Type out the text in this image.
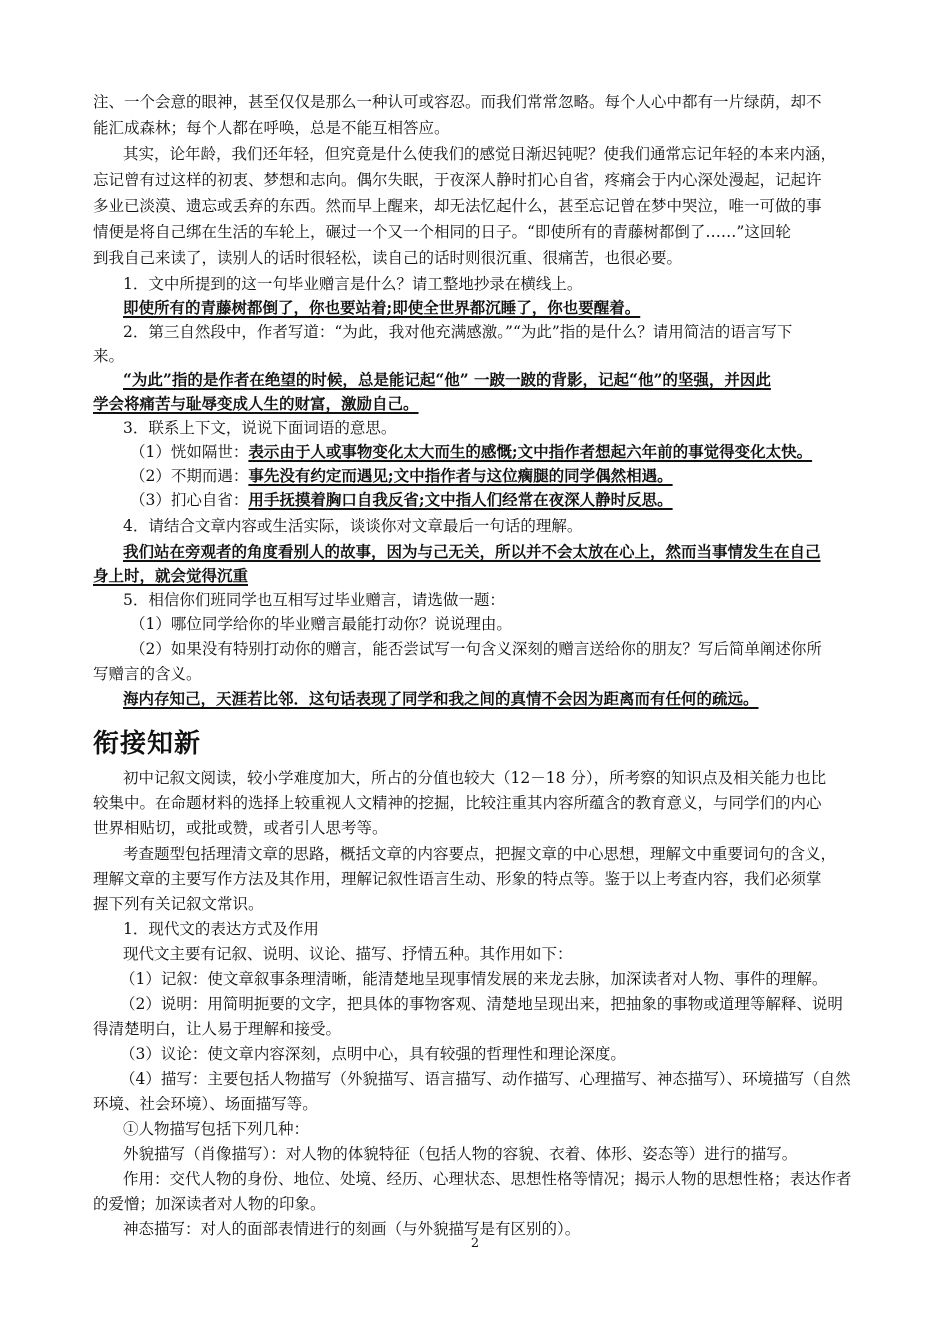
注、一个会意的眼神，甚至仅仅是那么一种认可或容忍。而我们常常忽略。每个人心中都有一片绿荫，却不
能汇成森林；每个人都在呼唤，总是不能互相答应。
其实，论年龄，我们还年轻，但究竟是什么使我们的感觉日渐迟钝呢？使我们通常忘记年轻的本来内涵，
忘记曾有过这样的初衷、梦想和志向。偶尔失眠，于夜深人静时扪心自省，疼痛会于内心深处漫起，记起许
多业已淡漠、遗忘或丢弃的东西。然而早上醒来，却无法忆起什么，甚至忘记曾在梦中哭泣，唯一可做的事
情便是将自己绑在生活的车轮上，碾过一个又一个相同的日子。“即使所有的青藤树都倒了……”这回轮
到我自己来读了，读别人的话时很轻松，读自己的话时则很沉重、很痛苦，也很必要。
1．文中所提到的这一句毕业赠言是什么？请工整地抄录在横线上。
即使所有的青藤树都倒了，你也要站着;即使全世界都沉睡了，你也要醒着。
2．第三自然段中，作者写道：“为此，我对他充满感激。”“为此”指的是什么？请用简洁的语言写下
来。
“为此”指的是作者在绝望的时候，总是能记起“他” 一跛一跛的背影，记起“他”的坚强，并因此
学会将痛苦与耻辱变成人生的财富，激励自己。
3．联系上下文，说说下面词语的意思。
（1）恍如隔世：表示由于人或事物变化太大而生的感慨;文中指作者想起六年前的事觉得变化太快。
（2）不期而遇：事先没有约定而遇见;文中指作者与这位瘸腿的同学偶然相遇。
（3）扪心自省：用手抚摸着胸口自我反省;文中指人们经常在夜深人静时反思。
4．请结合文章内容或生活实际，谈谈你对文章最后一句话的理解。
我们站在旁观者的角度看别人的故事，因为与己无关，所以并不会太放在心上，然而当事情发生在自己
身上时，就会觉得沉重
5．相信你们班同学也互相写过毕业赠言，请选做一题：
（1）哪位同学给你的毕业赠言最能打动你？说说理由。
（2）如果没有特别打动你的赠言，能否尝试写一句含义深刻的赠言送给你的朋友？写后简单阐述你所
写赠言的含义。
海内存知己，天涯若比邻．这句话表现了同学和我之间的真情不会因为距离而有任何的疏远。
衔接知新
初中记叙文阅读，较小学难度加大，所占的分值也较大（12－18 分），所考察的知识点及相关能力也比
较集中。在命题材料的选择上较重视人文精神的挖掘，比较注重其内容所蕴含的教育意义，与同学们的内心
世界相贴切，或批或赞，或者引人思考等。
考查题型包括理清文章的思路，概括文章的内容要点，把握文章的中心思想，理解文中重要词句的含义，
理解文章的主要写作方法及其作用，理解记叙性语言生动、形象的特点等。鉴于以上考查内容，我们必须掌
握下列有关记叙文常识。
1．现代文的表达方式及作用
现代文主要有记叙、说明、议论、描写、抒情五种。其作用如下：
（1）记叙：使文章叙事条理清晰，能清楚地呈现事情发展的来龙去脉，加深读者对人物、事件的理解。
（2）说明：用简明扼要的文字，把具体的事物客观、清楚地呈现出来，把抽象的事物或道理等解释、说明
得清楚明白，让人易于理解和接受。
（3）议论：使文章内容深刻，点明中心，具有较强的哲理性和理论深度。
（4）描写：主要包括人物描写（外貌描写、语言描写、动作描写、心理描写、神态描写）、环境描写（自然
环境、社会环境）、场面描写等。
①人物描写包括下列几种：
外貌描写（肖像描写）：对人物的体貌特征（包括人物的容貌、衣着、体形、姿态等）进行的描写。
作用：交代人物的身份、地位、处境、经历、心理状态、思想性格等情况；揭示人物的思想性格；表达作者
的爱憎；加深读者对人物的印象。
神态描写：对人的面部表情进行的刻画（与外貌描写是有区别的）。
2
